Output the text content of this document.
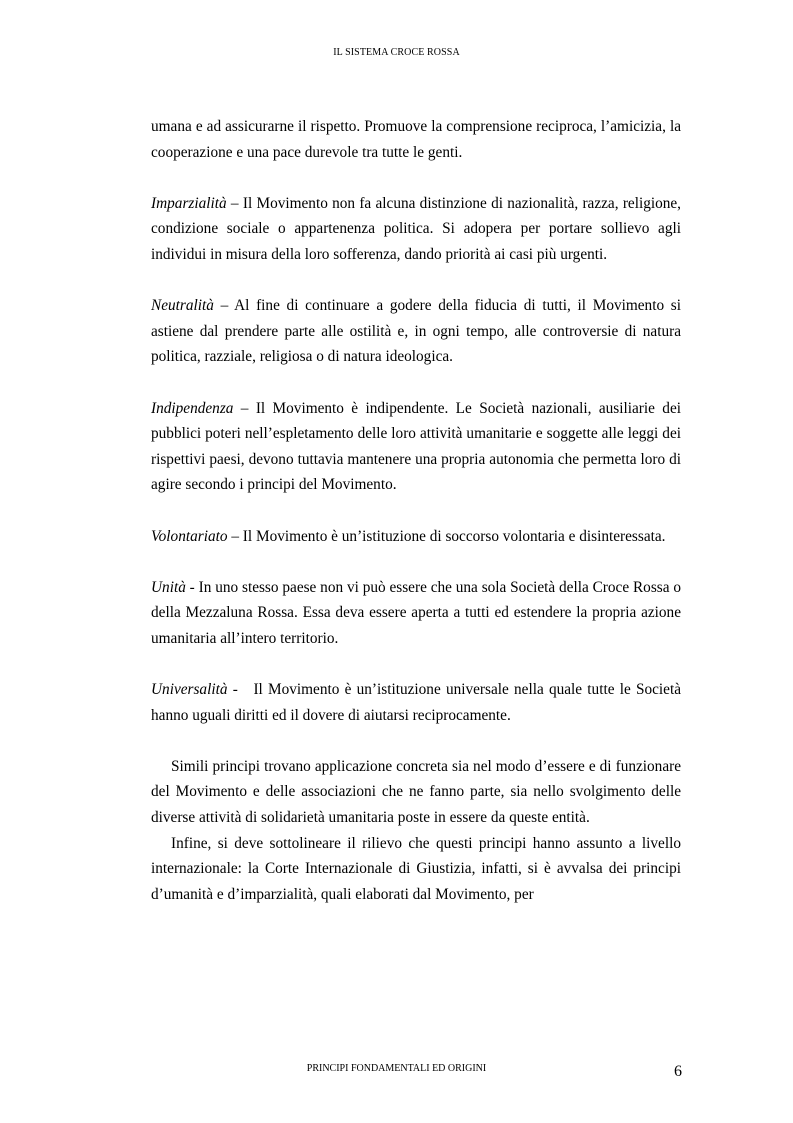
IL SISTEMA CROCE ROSSA

umana e ad assicurarne il rispetto. Promuove la comprensione reciproca, l’amicizia, la cooperazione e una pace durevole tra tutte le genti.

Imparzialità – Il Movimento non fa alcuna distinzione di nazionalità, razza, religione, condizione sociale o appartenenza politica. Si adopera per portare sollievo agli individui in misura della loro sofferenza, dando priorità ai casi più urgenti.

Neutralità – Al fine di continuare a godere della fiducia di tutti, il Movimento si astiene dal prendere parte alle ostilità e, in ogni tempo, alle controversie di natura politica, razziale, religiosa o di natura ideologica.

Indipendenza – Il Movimento è indipendente. Le Società nazionali, ausiliarie dei pubblici poteri nell’espletamento delle loro attività umanitarie e soggette alle leggi dei rispettivi paesi, devono tuttavia mantenere una propria autonomia che permetta loro di agire secondo i principi del Movimento.

Volontariato – Il Movimento è un’istituzione di soccorso volontaria e disinteressata.

Unità - In uno stesso paese non vi può essere che una sola Società della Croce Rossa o della Mezzaluna Rossa. Essa deva essere aperta a tutti ed estendere la propria azione umanitaria all’intero territorio.

Universalità -   Il Movimento è un’istituzione universale nella quale tutte le Società hanno uguali diritti ed il dovere di aiutarsi reciprocamente.

Simili principi trovano applicazione concreta sia nel modo d’essere e di funzionare del Movimento e delle associazioni che ne fanno parte, sia nello svolgimento delle diverse attività di solidarietà umanitaria poste in essere da queste entità.

Infine, si deve sottolineare il rilievo che questi principi hanno assunto a livello internazionale: la Corte Internazionale di Giustizia, infatti, si è avvalsa dei principi d’umanità e d’imparzialità, quali elaborati dal Movimento, per

PRINCIPI FONDAMENTALI ED ORIGINI	6
